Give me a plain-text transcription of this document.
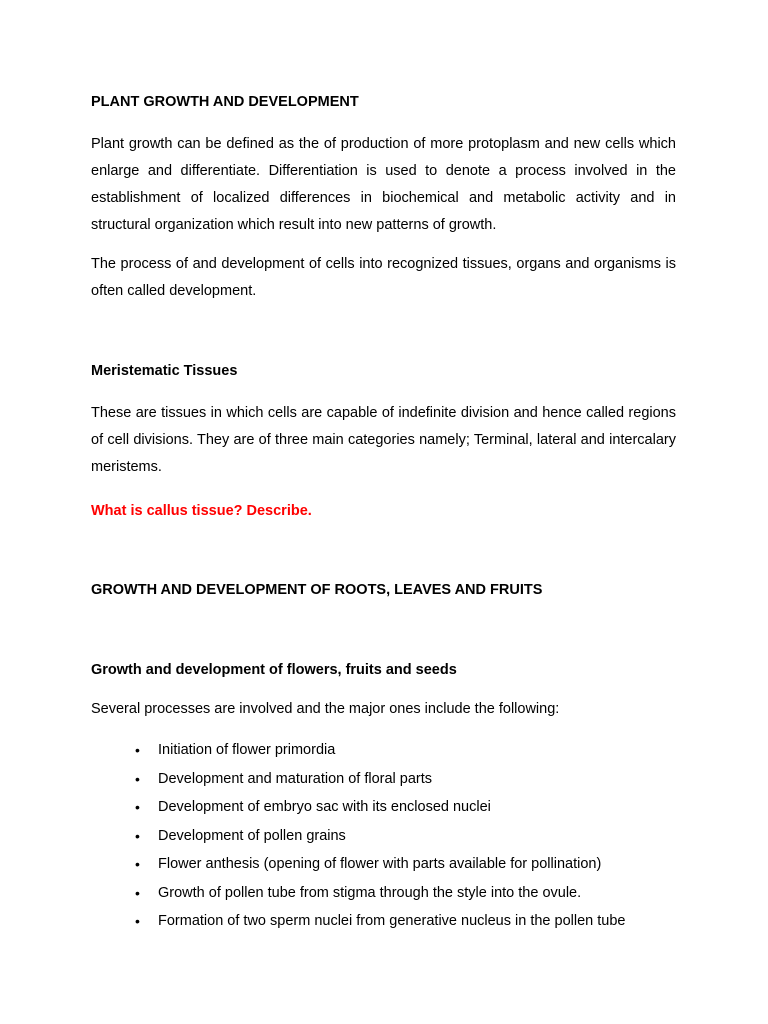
PLANT GROWTH AND DEVELOPMENT

Plant growth can be defined as the of production of more protoplasm and new cells which enlarge and differentiate. Differentiation is used to denote a process involved in the establishment of localized differences in biochemical and metabolic activity and in structural organization which result into new patterns of growth.

The process of and development of cells into recognized tissues, organs and organisms is often called development.

Meristematic Tissues

These are tissues in which cells are capable of indefinite division and hence called regions of cell divisions. They are of three main categories namely; Terminal, lateral and intercalary meristems.

What is callus tissue? Describe.

GROWTH AND DEVELOPMENT OF ROOTS, LEAVES AND FRUITS
Growth and development of flowers, fruits and seeds

Several processes are involved and the major ones include the following:

• Initiation of flower primordia
• Development and maturation of floral parts
• Development of embryo sac with its enclosed nuclei
• Development of pollen grains
• Flower anthesis (opening of flower with parts available for pollination)
• Growth of pollen tube from stigma through the style into the ovule.
• Formation of two sperm nuclei from generative nucleus in the pollen tube
